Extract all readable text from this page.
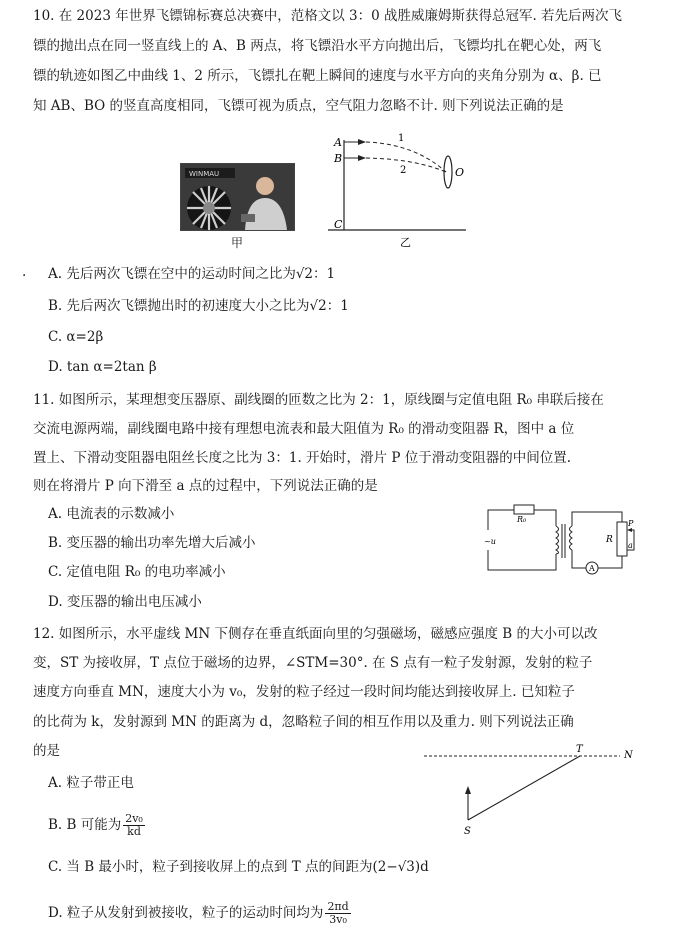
10. 在 2023 年世界飞镖锦标赛总决赛中，范格文以 3：0 战胜威廉姆斯获得总冠军. 若先后两次飞
镖的抛出点在同一竖直线上的 A、B 两点，将飞镖沿水平方向抛出后，飞镖均扎在靶心处，两飞
镖的轨迹如图乙中曲线 1、2 所示，飞镖扎在靶上瞬间的速度与水平方向的夹角分别为 α、β. 已
知 AB、BO 的竖直高度相同，飞镖可视为质点，空气阻力忽略不计. 则下列说法正确的是
WINMAU
甲
A
B
C
O
1
2
乙
. A. 先后两次飞镖在空中的运动时间之比为√2：1
B. 先后两次飞镖抛出时的初速度大小之比为√2：1
C. α=2β
D. tan α=2tan β
11. 如图所示，某理想变压器原、副线圈的匝数之比为 2：1，原线圈与定值电阻 R₀ 串联后接在
交流电源两端，副线圈电路中接有理想电流表和最大阻值为 R₀ 的滑动变阻器 R，图中 a 位
置上、下滑动变阻器电阻丝长度之比为 3：1. 开始时，滑片 P 位于滑动变阻器的中间位置.
则在将滑片 P 向下滑至 a 点的过程中，下列说法正确的是
R₀
~u	R
P
a
A
A. 电流表的示数减小
B. 变压器的输出功率先增大后减小
C. 定值电阻 R₀ 的电功率减小
D. 变压器的输出电压减小
12. 如图所示，水平虚线 MN 下侧存在垂直纸面向里的匀强磁场，磁感应强度 B 的大小可以改
变，ST 为接收屏，T 点位于磁场的边界，∠STM=30°. 在 S 点有一粒子发射源，发射的粒子
速度方向垂直 MN，速度大小为 v₀，发射的粒子经过一段时间均能达到接收屏上. 已知粒子
的比荷为 k，发射源到 MN 的距离为 d，忽略粒子间的相互作用以及重力. 则下列说法正确
的是	T
N
S
A. 粒子带正电
B. B 可能为 $\frac{\text{2v₀}}{kd}$
C. 当 B 最小时，粒子到接收屏上的点到 T 点的间距为(2−√3)d
D. 粒子从发射到被接收，粒子的运动时间均为 $\frac{2\pi d}{\text{3v₀}}$
